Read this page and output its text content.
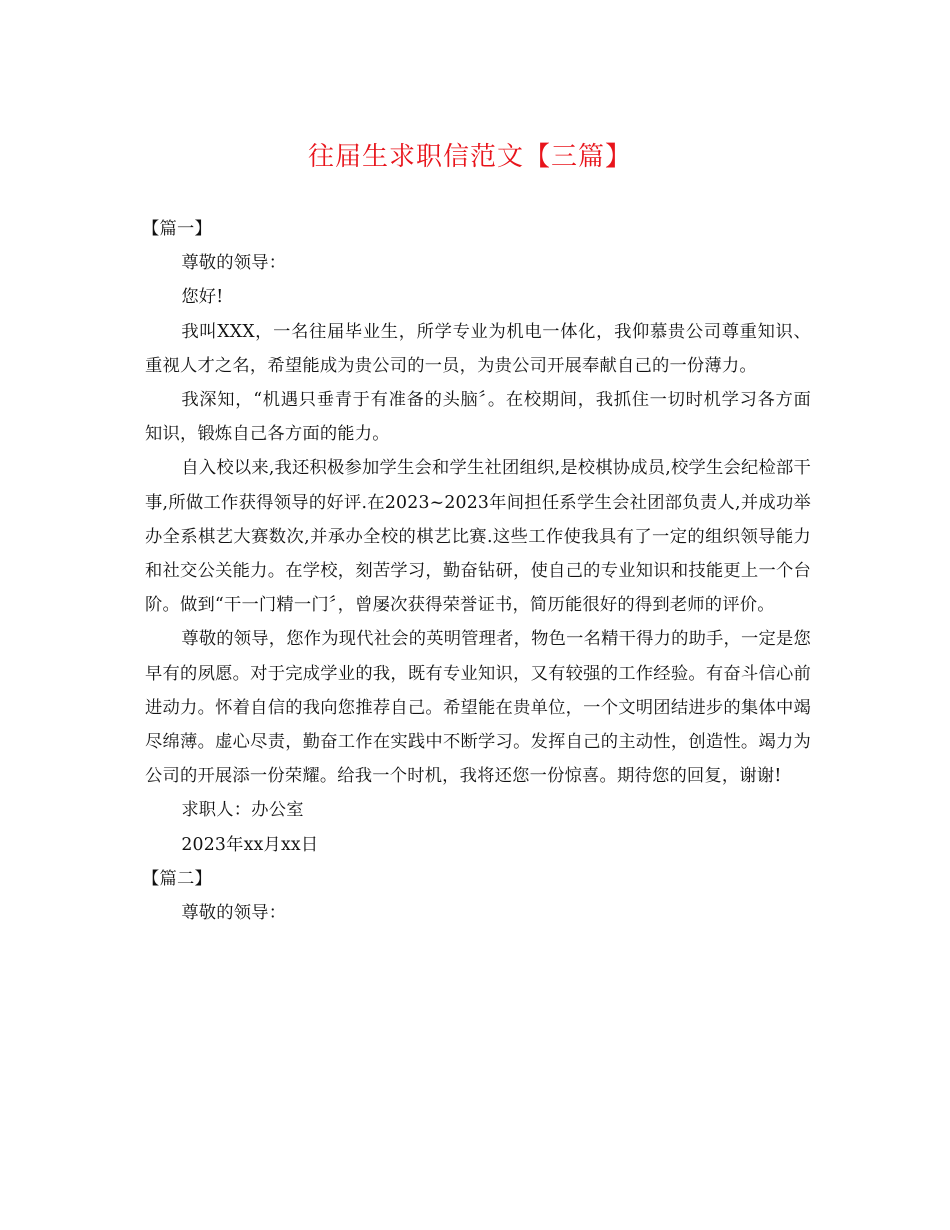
往届生求职信范文【三篇】

【篇一】

尊敬的领导：

您好!

我叫XXX，一名往届毕业生，所学专业为机电一体化，我仰慕贵公司尊重知识、重视人才之名，希望能成为贵公司的一员，为贵公司开展奉献自己的一份薄力。

我深知，“机遇只垂青于有准备的头脑〞。在校期间，我抓住一切时机学习各方面知识，锻炼自己各方面的能力。

自入校以来,我还积极参加学生会和学生社团组织,是校棋协成员,校学生会纪检部干事,所做工作获得领导的好评.在2023~2023年间担任系学生会社团部负责人,并成功举办全系棋艺大赛数次,并承办全校的棋艺比赛.这些工作使我具有了一定的组织领导能力和社交公关能力。在学校，刻苦学习，勤奋钻研，使自己的专业知识和技能更上一个台阶。做到“干一门精一门〞，曾屡次获得荣誉证书，简历能很好的得到老师的评价。

尊敬的领导，您作为现代社会的英明管理者，物色一名精干得力的助手，一定是您早有的夙愿。对于完成学业的我，既有专业知识，又有较强的工作经验。有奋斗信心前进动力。怀着自信的我向您推荐自己。希望能在贵单位，一个文明团结进步的集体中竭尽绵薄。虚心尽责，勤奋工作在实践中不断学习。发挥自己的主动性，创造性。竭力为公司的开展添一份荣耀。给我一个时机，我将还您一份惊喜。期待您的回复，谢谢!

求职人：办公室

2023年xx月xx日

【篇二】

尊敬的领导：
